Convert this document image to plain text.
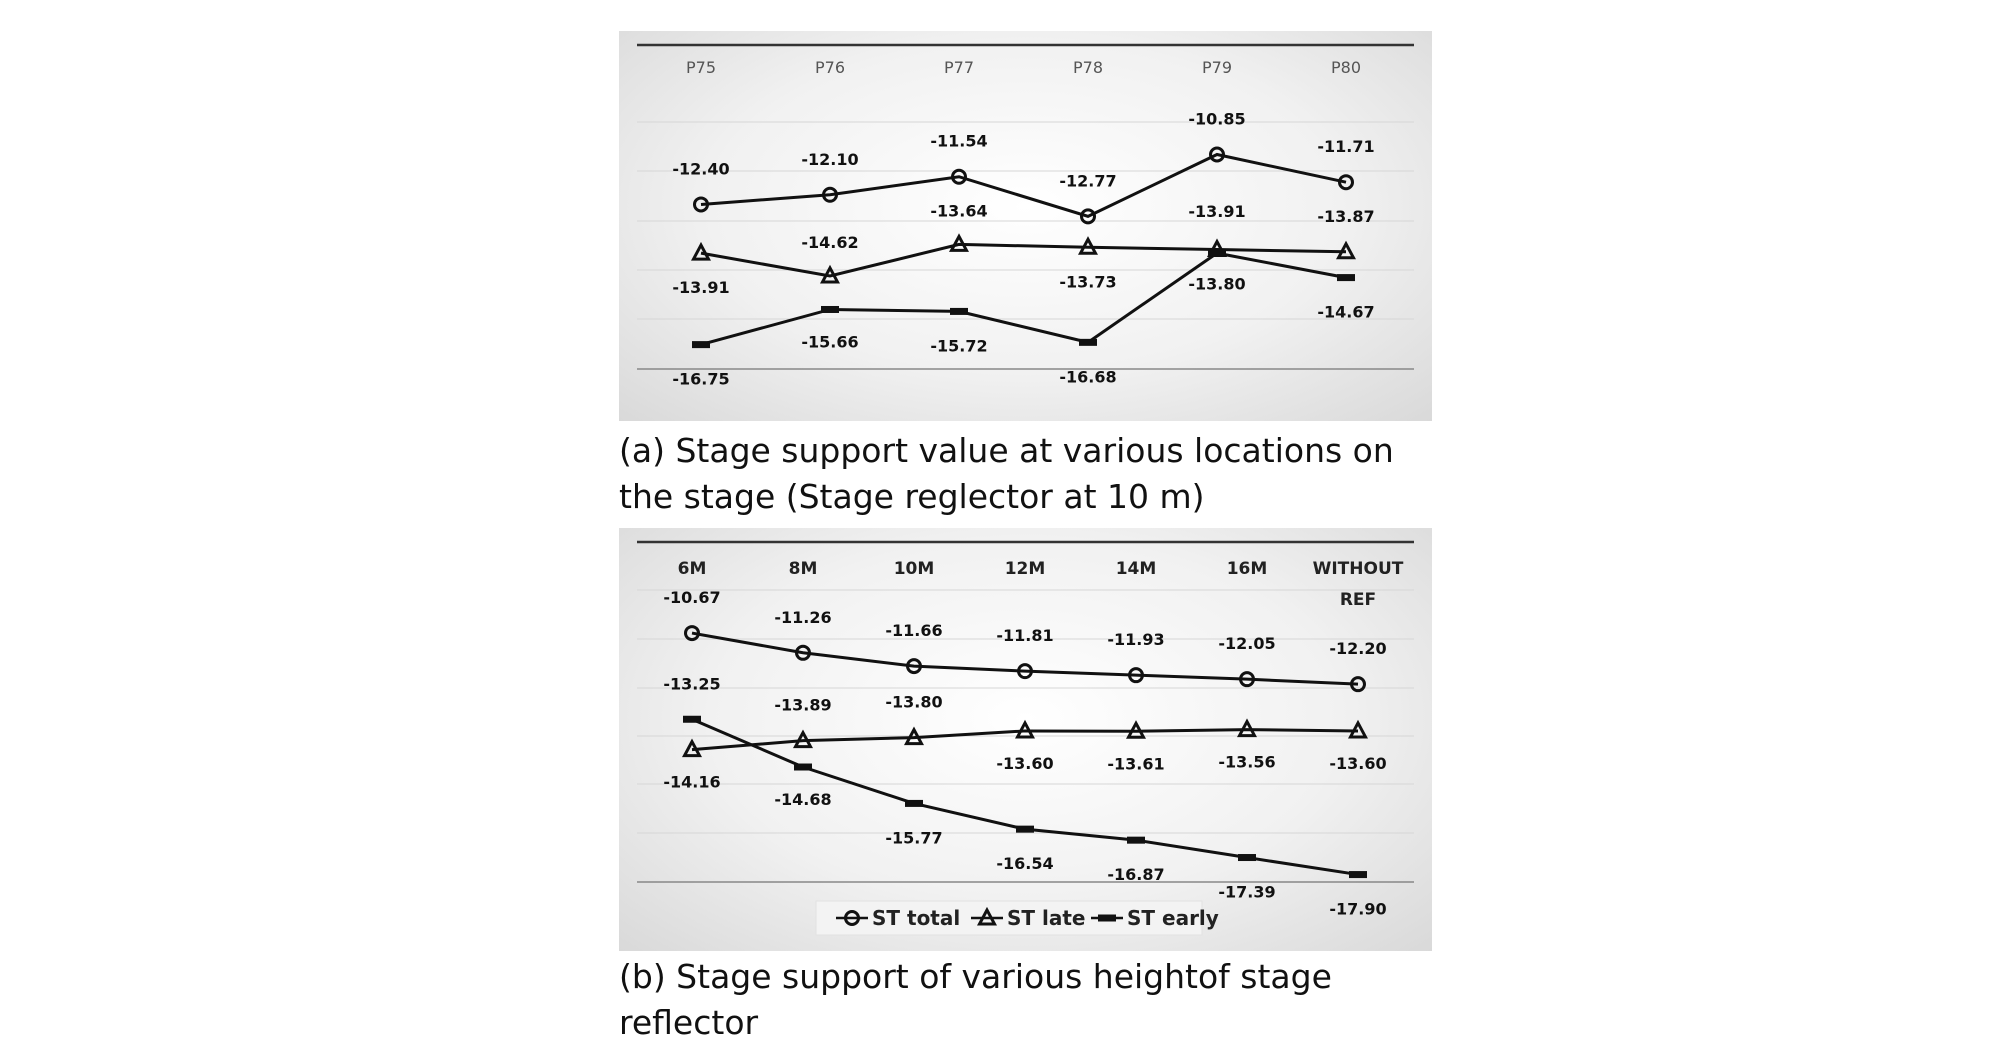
P75	P76	P77	P78	P79	P80
-12.40
-12.10
-11.54
-12.77
-10.85
-11.71
-13.91
-14.62
-13.64
-13.73	-13.80
-13.87
-16.75
-15.66	-15.72
-16.68
-13.91
-14.67
(a) Stage support value at various locations on the stage (Stage reglector at 10 m)
6M	8M	10M	12M	14M	16M	WITHOUT
REF
-10.67
-11.26
-11.66	-11.81	-11.93	-12.05	-12.20
-14.16
-13.89	-13.80
-13.60	-13.61	-13.56	-13.60
-13.25
-14.68
-15.77
-16.54
-16.87
-17.39
-17.90
ST total ST late ST early
(b) Stage support of various heightof stage reflector
